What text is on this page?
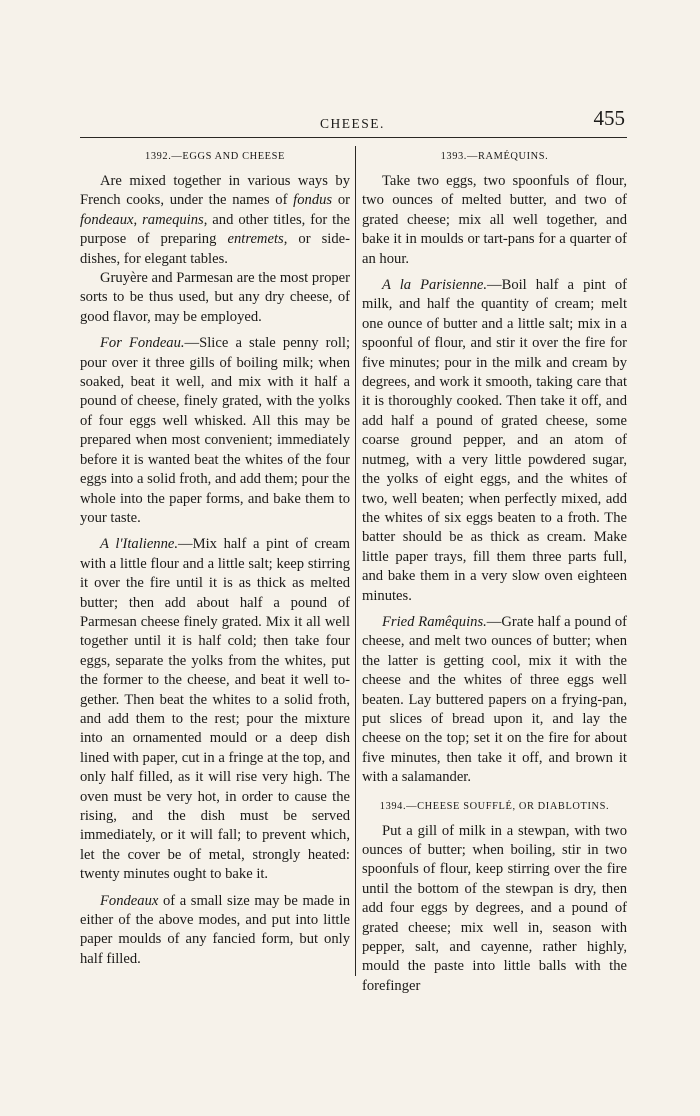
CHEESE.	455
1392.—EGGS AND CHEESE

Are mixed together in various ways by French cooks, under the names of fondus or fondeaux, ramequins, and other titles, for the purpose of preparing entremets, or side-dishes, for elegant tables.

Gruyère and Parmesan are the most proper sorts to be thus used, but any dry cheese, of good flavor, may be employed.

For Fondeau.—Slice a stale penny roll; pour over it three gills of boiling milk; when soaked, beat it well, and mix with it half a pound of cheese, finely grated, with the yolks of four eggs well whisked. All this may be prepared when most convenient; immediately before it is wanted beat the whites of the four eggs into a solid froth, and add them; pour the whole into the paper forms, and bake them to your taste.

A l'Italienne.—Mix half a pint of cream with a little flour and a little salt; keep stirring it over the fire until it is as thick as melted butter; then add about half a pound of Parmesan cheese finely grated. Mix it all well together until it is half cold; then take four eggs, separate the yolks from the whites, put the former to the cheese, and beat it well together. Then beat the whites to a solid froth, and add them to the rest; pour the mixture into an ornamented mould or a deep dish lined with paper, cut in a fringe at the top, and only half filled, as it will rise very high. The oven must be very hot, in order to cause the rising, and the dish must be served immediately, or it will fall; to prevent which, let the cover be of metal, strongly heated: twenty minutes ought to bake it.

Fondeaux of a small size may be made in either of the above modes, and put into little paper moulds of any fancied form, but only half filled.

1393.—RAMÉQUINS.

Take two eggs, two spoonfuls of flour, two ounces of melted butter, and two of grated cheese; mix all well together, and bake it in moulds or tart-pans for a quarter of an hour.

A la Parisienne.—Boil half a pint of milk, and half the quantity of cream; melt one ounce of butter and a little salt; mix in a spoonful of flour, and stir it over the fire for five minutes; pour in the milk and cream by degrees, and work it smooth, taking care that it is thoroughly cooked. Then take it off, and add half a pound of grated cheese, some coarse ground pepper, and an atom of nutmeg, with a very little powdered sugar, the yolks of eight eggs, and the whites of two, well beaten; when perfectly mixed, add the whites of six eggs beaten to a froth. The batter should be as thick as cream. Make little paper trays, fill them three parts full, and bake them in a very slow oven eighteen minutes.

Fried Ramêquins.—Grate half a pound of cheese, and melt two ounces of butter; when the latter is getting cool, mix it with the cheese and the whites of three eggs well beaten. Lay buttered papers on a frying-pan, put slices of bread upon it, and lay the cheese on the top; set it on the fire for about five minutes, then take it off, and brown it with a salamander.

1394.—CHEESE SOUFFLÉ, OR DIABLOTINS.

Put a gill of milk in a stewpan, with two ounces of butter; when boiling, stir in two spoonfuls of flour, keep stirring over the fire until the bottom of the stewpan is dry, then add four eggs by degrees, and a pound of grated cheese; mix well in, season with pepper, salt, and cayenne, rather highly, mould the paste into little balls with the forefinger
